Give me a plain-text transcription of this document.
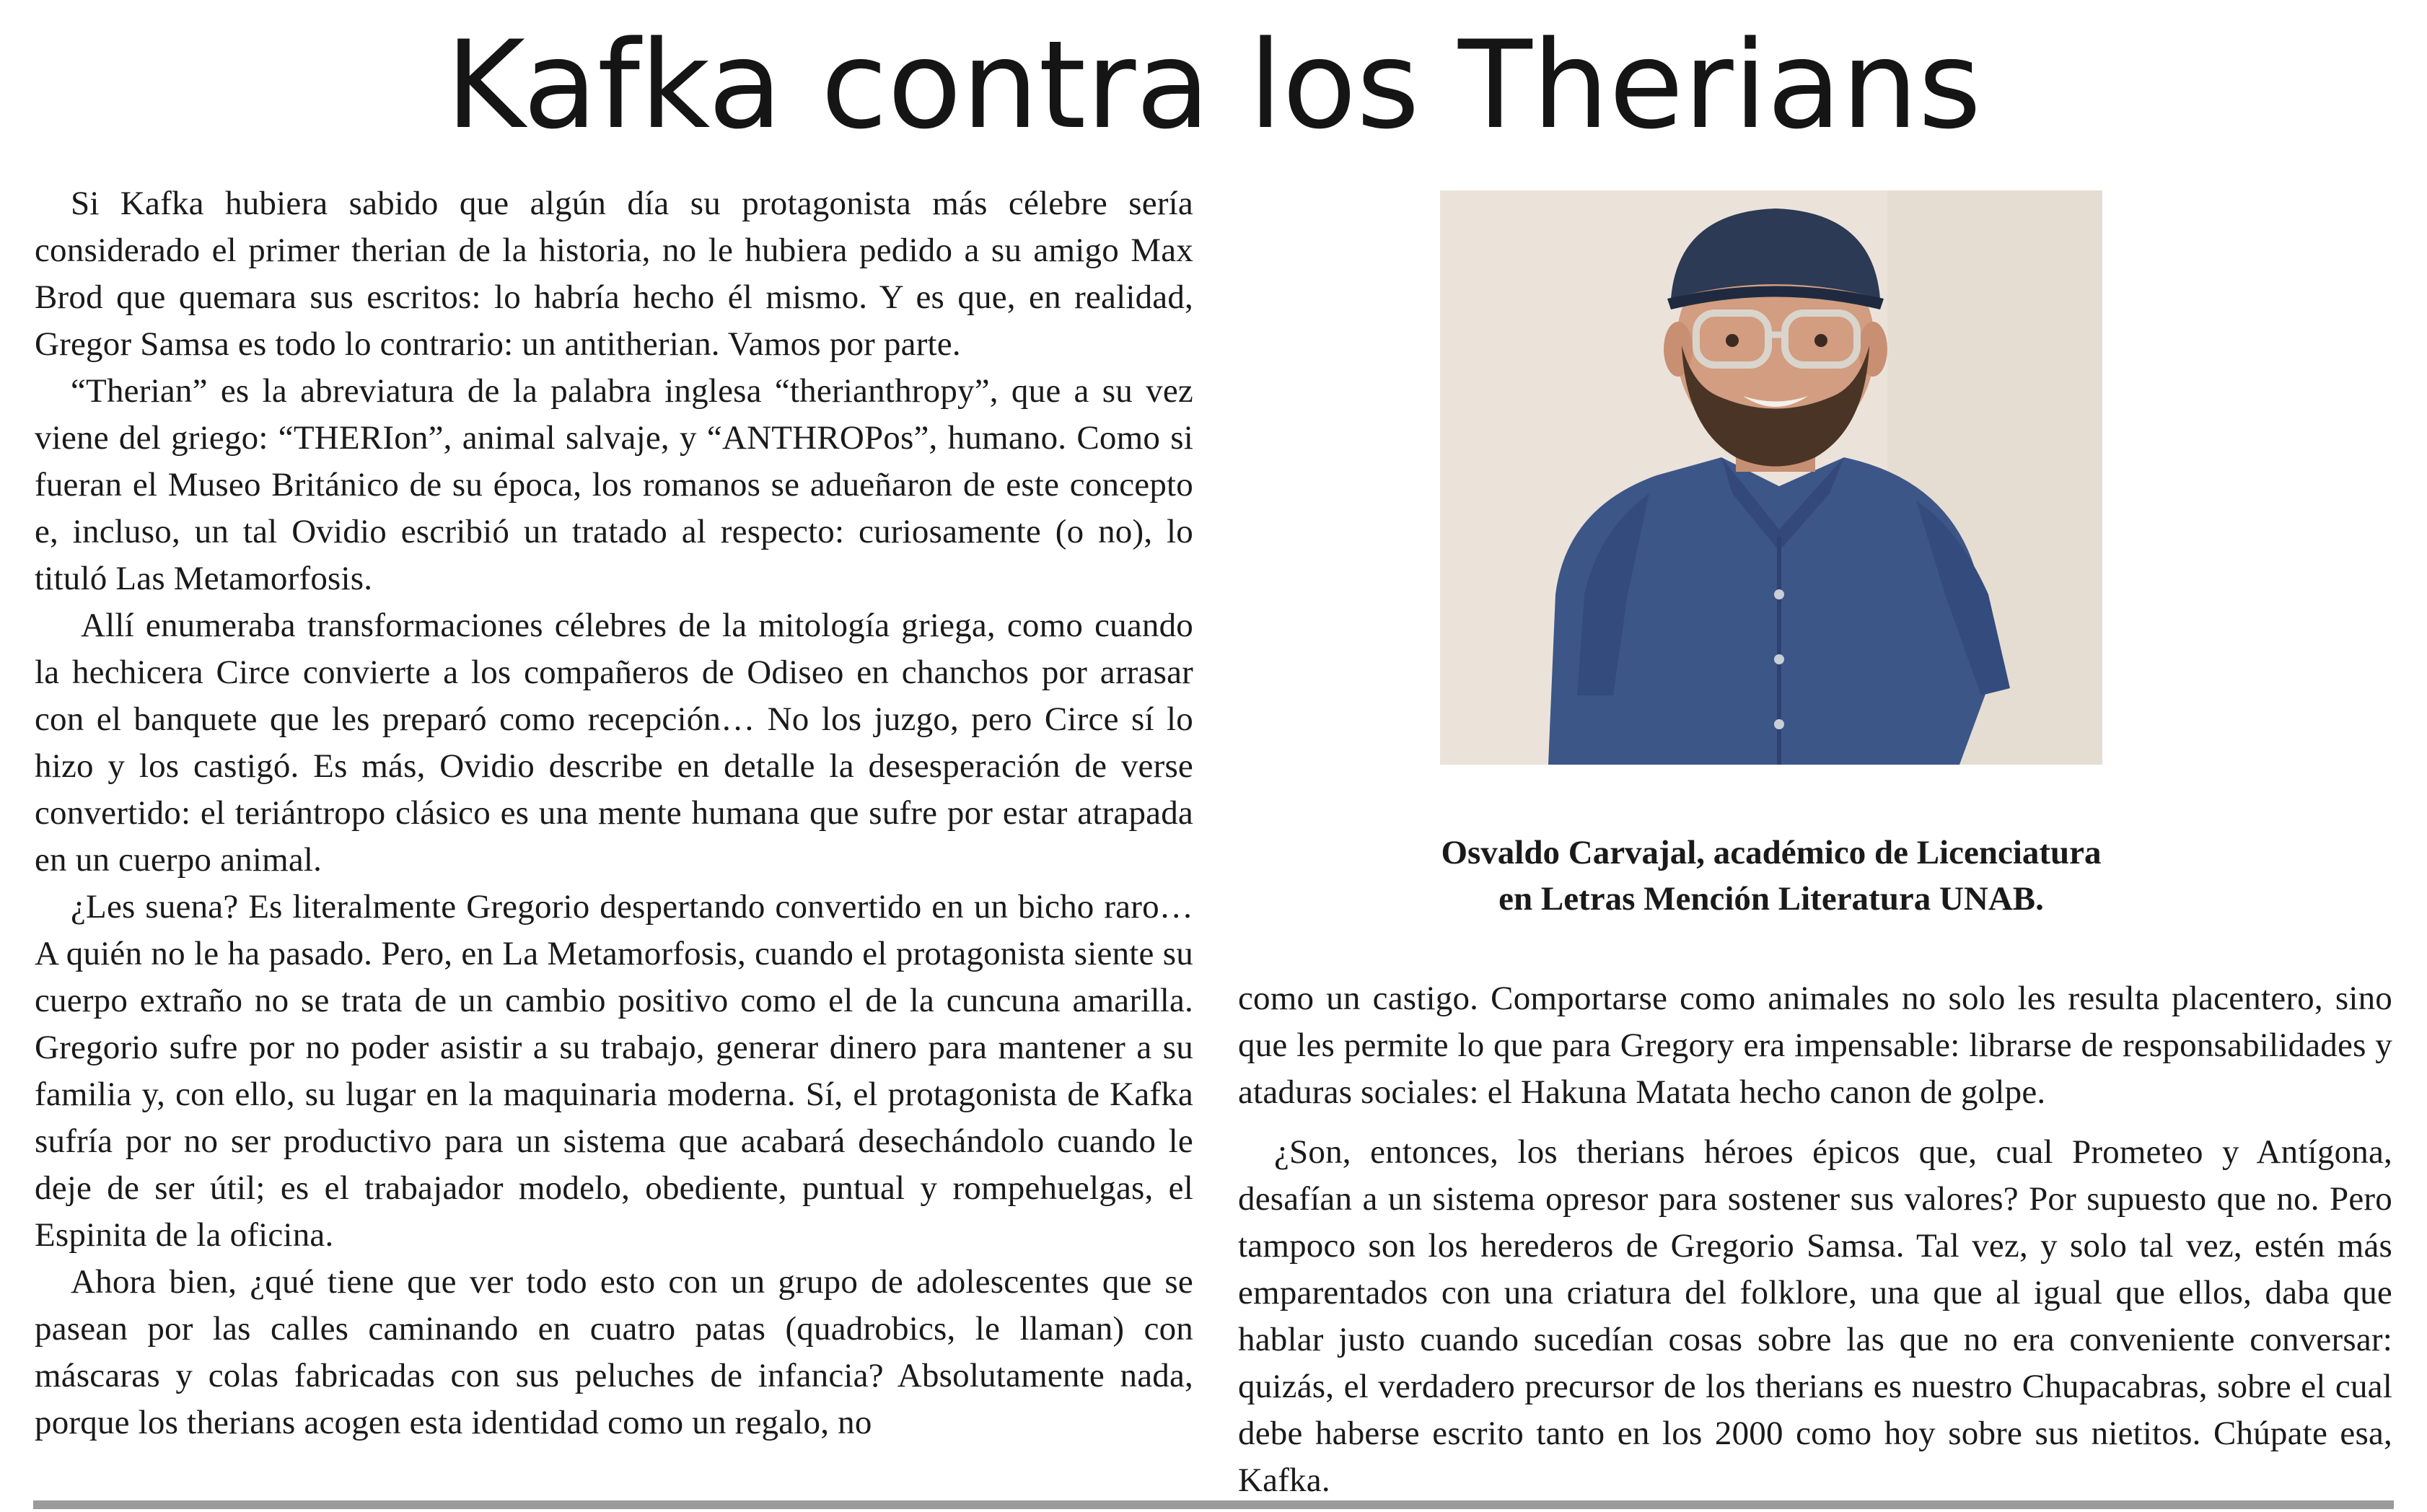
Kafka contra los Therians

Si Kafka hubiera sabido que algún día su protagonista más célebre sería considerado el primer therian de la historia, no le hubiera pedido a su amigo Max Brod que quemara sus escritos: lo habría hecho él mismo. Y es que, en realidad, Gregor Samsa es todo lo contrario: un antitherian. Vamos por parte.

“Therian” es la abreviatura de la palabra inglesa “therianthropy”, que a su vez viene del griego: “THERIon”, animal salvaje, y “ANTHROPos”, humano. Como si fueran el Museo Británico de su época, los romanos se adueñaron de este concepto e, incluso, un tal Ovidio escribió un tratado al respecto: curiosamente (o no), lo tituló Las Metamorfosis.

Allí enumeraba transformaciones célebres de la mitología griega, como cuando la hechicera Circe convierte a los compañeros de Odiseo en chanchos por arrasar con el banquete que les preparó como recepción… No los juzgo, pero Circe sí lo hizo y los castigó. Es más, Ovidio describe en detalle la desesperación de verse convertido: el teriántropo clásico es una mente humana que sufre por estar atrapada en un cuerpo animal.

¿Les suena? Es literalmente Gregorio despertando convertido en un bicho raro… A quién no le ha pasado. Pero, en La Metamorfosis, cuando el protagonista siente su cuerpo extraño no se trata de un cambio positivo como el de la cuncuna amarilla. Gregorio sufre por no poder asistir a su trabajo, generar dinero para mantener a su familia y, con ello, su lugar en la maquinaria moderna. Sí, el protagonista de Kafka sufría por no ser productivo para un sistema que acabará desechándolo cuando le deje de ser útil; es el trabajador modelo, obediente, puntual y rompehuelgas, el Espinita de la oficina.

Ahora bien, ¿qué tiene que ver todo esto con un grupo de adolescentes que se pasean por las calles caminando en cuatro patas (quadrobics, le llaman) con máscaras y colas fabricadas con sus peluches de infancia? Absolutamente nada, porque los therians acogen esta identidad como un regalo, no

Osvaldo Carvajal, académico de Licenciatura
en Letras Mención Literatura UNAB.

como un castigo. Comportarse como animales no solo les resulta placentero, sino que les permite lo que para Gregory era impensable: librarse de responsabilidades y ataduras sociales: el Hakuna Matata hecho canon de golpe.

¿Son, entonces, los therians héroes épicos que, cual Prometeo y Antígona, desafían a un sistema opresor para sostener sus valores? Por supuesto que no. Pero tampoco son los herederos de Gregorio Samsa. Tal vez, y solo tal vez, estén más emparentados con una criatura del folklore, una que al igual que ellos, daba que hablar justo cuando sucedían cosas sobre las que no era conveniente conversar: quizás, el verdadero precursor de los therians es nuestro Chupacabras, sobre el cual debe haberse escrito tanto en los 2000 como hoy sobre sus nietitos. Chúpate esa, Kafka.
